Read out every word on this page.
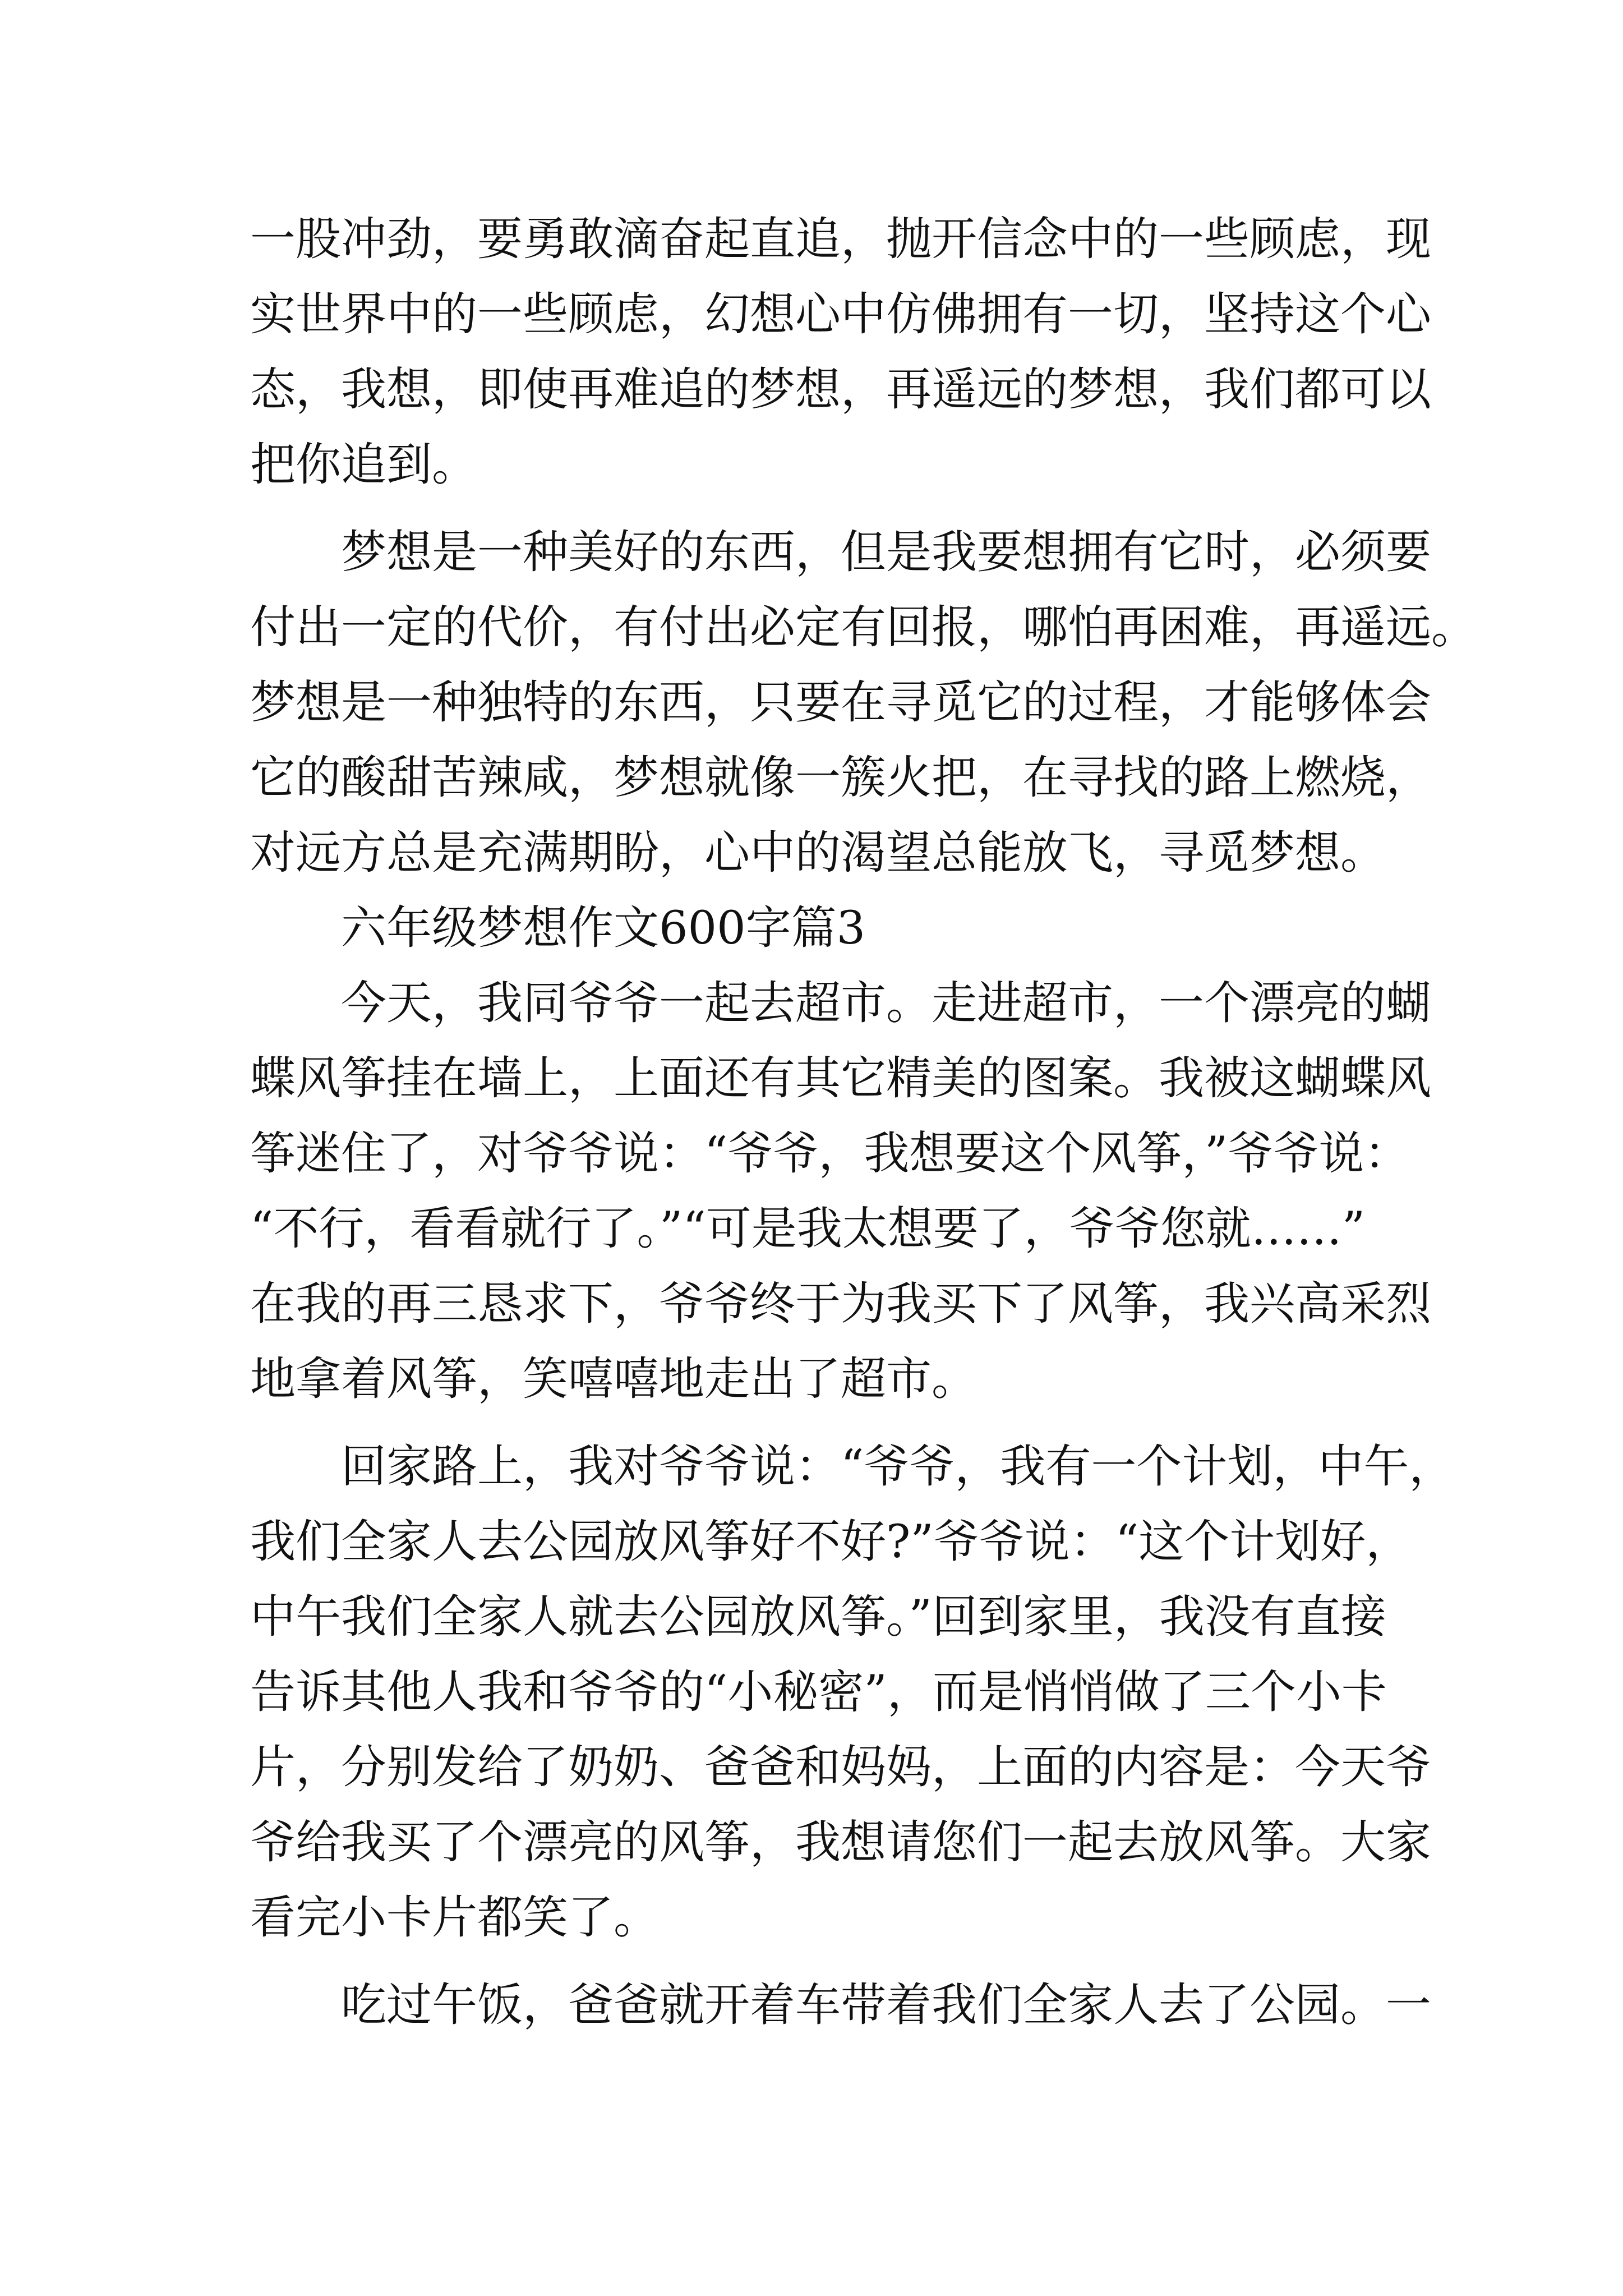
一股冲劲，要勇敢滴奋起直追，抛开信念中的一些顾虑，现
实世界中的一些顾虑，幻想心中仿佛拥有一切，坚持这个心
态，我想，即使再难追的梦想，再遥远的梦想，我们都可以
把你追到。
梦想是一种美好的东西，但是我要想拥有它时，必须要
付出一定的代价，有付出必定有回报，哪怕再困难，再遥远。
梦想是一种独特的东西，只要在寻觅它的过程，才能够体会
它的酸甜苦辣咸，梦想就像一簇火把，在寻找的路上燃烧，
对远方总是充满期盼，心中的渴望总能放飞，寻觅梦想。
六年级梦想作文600字篇3
今天，我同爷爷一起去超市。走进超市，一个漂亮的蝴
蝶风筝挂在墙上，上面还有其它精美的图案。我被这蝴蝶风
筝迷住了，对爷爷说：“爷爷，我想要这个风筝，”爷爷说：
“不行，看看就行了。”“可是我太想要了，爷爷您就……”
在我的再三恳求下，爷爷终于为我买下了风筝，我兴高采烈
地拿着风筝，笑嘻嘻地走出了超市。
回家路上，我对爷爷说：“爷爷，我有一个计划，中午，
我们全家人去公园放风筝好不好?”爷爷说：“这个计划好，
中午我们全家人就去公园放风筝。”回到家里，我没有直接
告诉其他人我和爷爷的“小秘密”，而是悄悄做了三个小卡
片，分别发给了奶奶、爸爸和妈妈，上面的内容是：今天爷
爷给我买了个漂亮的风筝，我想请您们一起去放风筝。大家
看完小卡片都笑了。
吃过午饭，爸爸就开着车带着我们全家人去了公园。一
